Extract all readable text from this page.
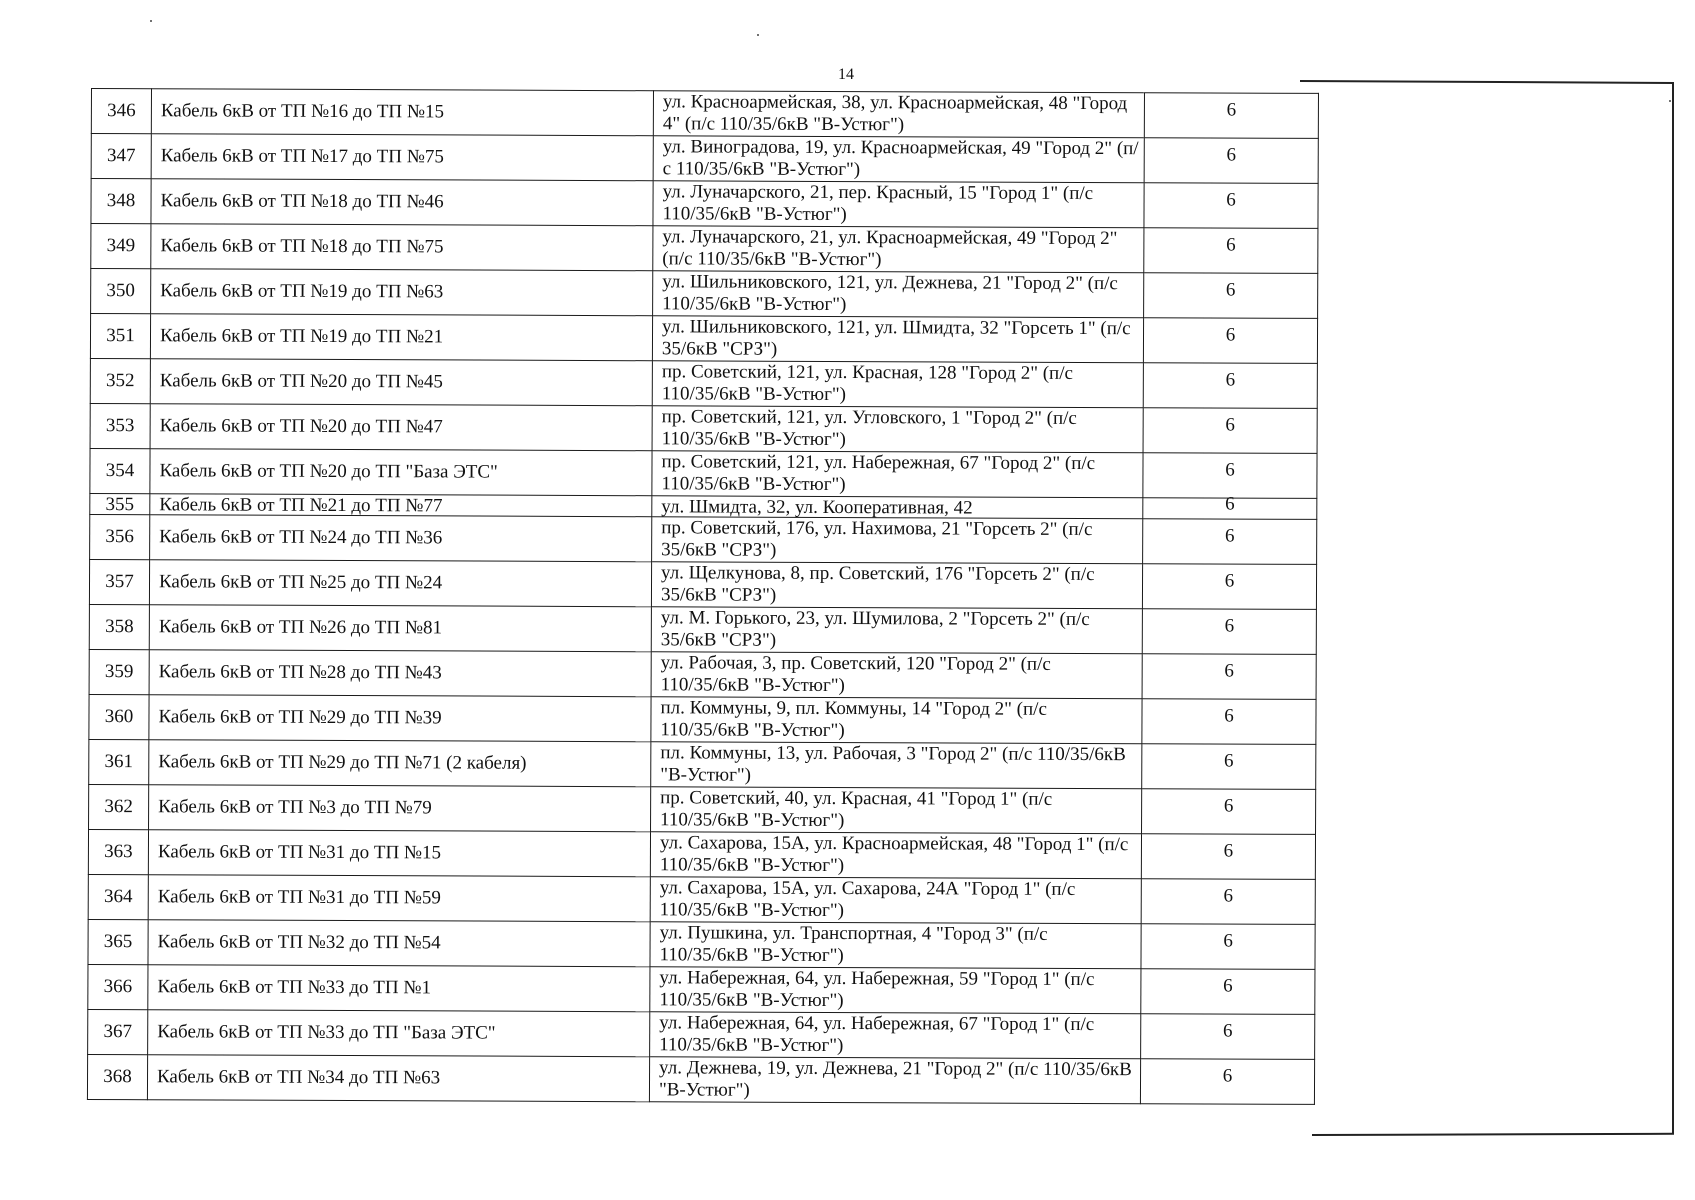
14
346	Кабель 6кВ от ТП №16 до ТП №15	ул. Красноармейская, 38, ул. Красноармейская, 48 "Город 4" (п/с 110/35/6кВ "В-Устюг")	6
347	Кабель 6кВ от ТП №17 до ТП №75	ул. Виноградова, 19, ул. Красноармейская, 49 "Город 2" (п/с 110/35/6кВ "В-Устюг")	6
348	Кабель 6кВ от ТП №18 до ТП №46	ул. Луначарского, 21, пер. Красный, 15 "Город 1" (п/с 110/35/6кВ "В-Устюг")	6
349	Кабель 6кВ от ТП №18 до ТП №75	ул. Луначарского, 21, ул. Красноармейская, 49 "Город 2" (п/с 110/35/6кВ "В-Устюг")	6
350	Кабель 6кВ от ТП №19 до ТП №63	ул. Шильниковского, 121, ул. Дежнева, 21 "Город 2" (п/с 110/35/6кВ "В-Устюг")	6
351	Кабель 6кВ от ТП №19 до ТП №21	ул. Шильниковского, 121, ул. Шмидта, 32 "Горсеть 1" (п/с 35/6кВ "СРЗ")	6
352	Кабель 6кВ от ТП №20 до ТП №45	пр. Советский, 121, ул. Красная, 128 "Город 2" (п/с 110/35/6кВ "В-Устюг")	6
353	Кабель 6кВ от ТП №20 до ТП №47	пр. Советский, 121, ул. Угловского, 1 "Город 2" (п/с 110/35/6кВ "В-Устюг")	6
354	Кабель 6кВ от ТП №20 до ТП "База ЭТС"	пр. Советский, 121, ул. Набережная, 67 "Город 2" (п/с 110/35/6кВ "В-Устюг")	6
355	Кабель 6кВ от ТП №21 до ТП №77	ул. Шмидта, 32, ул. Кооперативная, 42	6
356	Кабель 6кВ от ТП №24 до ТП №36	пр. Советский, 176, ул. Нахимова, 21 "Горсеть 2" (п/с 35/6кВ "СРЗ")	6
357	Кабель 6кВ от ТП №25 до ТП №24	ул. Щелкунова, 8, пр. Советский, 176 "Горсеть 2" (п/с 35/6кВ "СРЗ")	6
358	Кабель 6кВ от ТП №26 до ТП №81	ул. М. Горького, 23, ул. Шумилова, 2 "Горсеть 2" (п/с 35/6кВ "СРЗ")	6
359	Кабель 6кВ от ТП №28 до ТП №43	ул. Рабочая, 3, пр. Советский, 120 "Город 2" (п/с 110/35/6кВ "В-Устюг")	6
360	Кабель 6кВ от ТП №29 до ТП №39	пл. Коммуны, 9, пл. Коммуны, 14 "Город 2" (п/с 110/35/6кВ "В-Устюг")	6
361	Кабель 6кВ от ТП №29 до ТП №71 (2 кабеля)	пл. Коммуны, 13, ул. Рабочая, 3 "Город 2" (п/с 110/35/6кВ "В-Устюг")	6
362	Кабель 6кВ от ТП №3 до ТП №79	пр. Советский, 40, ул. Красная, 41 "Город 1" (п/с 110/35/6кВ "В-Устюг")	6
363	Кабель 6кВ от ТП №31 до ТП №15	ул. Сахарова, 15А, ул. Красноармейская, 48 "Город 1" (п/с 110/35/6кВ "В-Устюг")	6
364	Кабель 6кВ от ТП №31 до ТП №59	ул. Сахарова, 15А, ул. Сахарова, 24А "Город 1" (п/с 110/35/6кВ "В-Устюг")	6
365	Кабель 6кВ от ТП №32 до ТП №54	ул. Пушкина, ул. Транспортная, 4 "Город 3" (п/с 110/35/6кВ "В-Устюг")	6
366	Кабель 6кВ от ТП №33 до ТП №1	ул. Набережная, 64, ул. Набережная, 59 "Город 1" (п/с 110/35/6кВ "В-Устюг")	6
367	Кабель 6кВ от ТП №33 до ТП "База ЭТС"	ул. Набережная, 64, ул. Набережная, 67 "Город 1" (п/с 110/35/6кВ "В-Устюг")	6
368	Кабель 6кВ от ТП №34 до ТП №63	ул. Дежнева, 19, ул. Дежнева, 21 "Город 2" (п/с 110/35/6кВ "В-Устюг")	6
